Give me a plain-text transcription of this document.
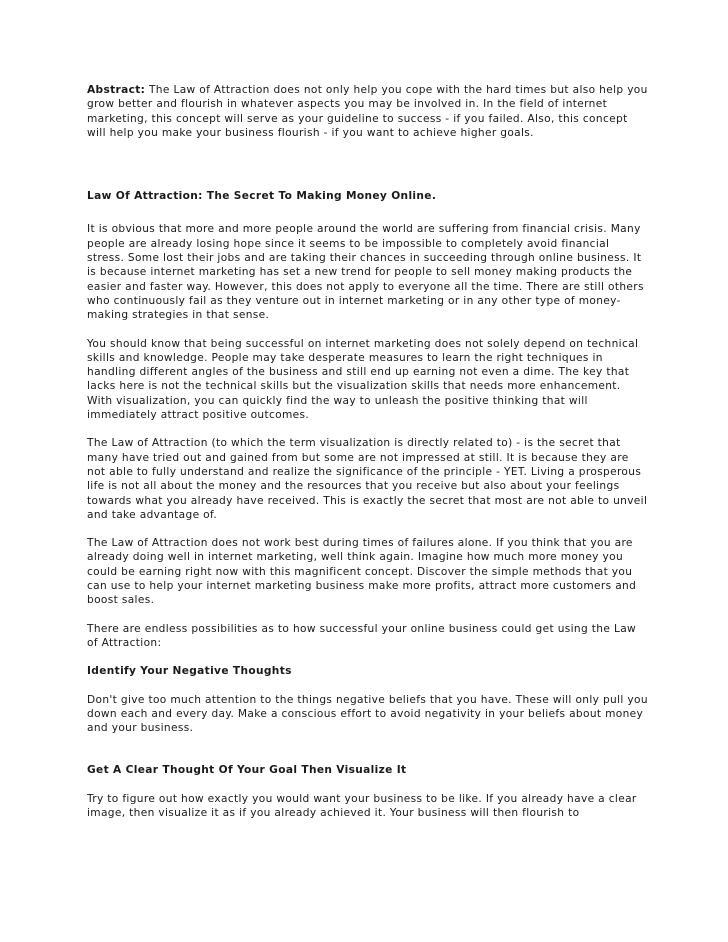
Abstract: The Law of Attraction does not only help you cope with the hard times but also help you grow better and flourish in whatever aspects you may be involved in. In the field of internet marketing, this concept will serve as your guideline to success - if you failed. Also, this concept will help you make your business flourish - if you want to achieve higher goals.

Law Of Attraction: The Secret To Making Money Online.

It is obvious that more and more people around the world are suffering from financial crisis. Many people are already losing hope since it seems to be impossible to completely avoid financial stress. Some lost their jobs and are taking their chances in succeeding through online business. It is because internet marketing has set a new trend for people to sell money making products the easier and faster way. However, this does not apply to everyone all the time. There are still others who continuously fail as they venture out in internet marketing or in any other type of money-making strategies in that sense.

You should know that being successful on internet marketing does not solely depend on technical skills and knowledge. People may take desperate measures to learn the right techniques in handling different angles of the business and still end up earning not even a dime. The key that lacks here is not the technical skills but the visualization skills that needs more enhancement. With visualization, you can quickly find the way to unleash the positive thinking that will immediately attract positive outcomes.

The Law of Attraction (to which the term visualization is directly related to) - is the secret that many have tried out and gained from but some are not impressed at still. It is because they are not able to fully understand and realize the significance of the principle - YET. Living a prosperous life is not all about the money and the resources that you receive but also about your feelings towards what you already have received. This is exactly the secret that most are not able to unveil and take advantage of.

The Law of Attraction does not work best during times of failures alone. If you think that you are already doing well in internet marketing, well think again. Imagine how much more money you could be earning right now with this magnificent concept. Discover the simple methods that you can use to help your internet marketing business make more profits, attract more customers and boost sales.

There are endless possibilities as to how successful your online business could get using the Law of Attraction:

Identify Your Negative Thoughts

Don't give too much attention to the things negative beliefs that you have. These will only pull you down each and every day. Make a conscious effort to avoid negativity in your beliefs about money and your business.

Get A Clear Thought Of Your Goal Then Visualize It

Try to figure out how exactly you would want your business to be like. If you already have a clear image, then visualize it as if you already achieved it. Your business will then flourish to
